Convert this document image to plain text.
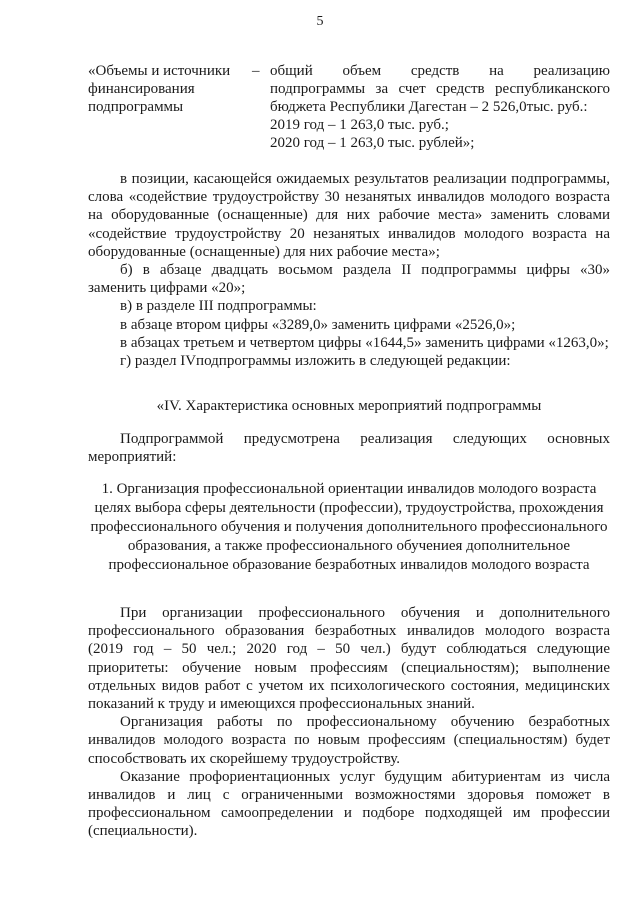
5
«Объемы и источники финансирования подпрограммы
– общий объем средств на реализацию
подпрограммы за счет средств республиканского
бюджета Республики Дагестан – 2 526,0тыс. руб.:
2019 год – 1 263,0 тыс. руб.;
2020 год – 1 263,0 тыс. рублей»;

в позиции, касающейся ожидаемых результатов реализации подпрограммы, слова «содействие трудоустройству 30 незанятых инвалидов молодого возраста на оборудованные (оснащенные) для них рабочие места» заменить словами «содействие трудоустройству 20 незанятых инвалидов молодого возраста на оборудованные (оснащенные) для них рабочие места»;

б) в абзаце двадцать восьмом раздела II подпрограммы цифры «30» заменить цифрами «20»;

в) в разделе III подпрограммы:

в абзаце втором цифры «3289,0» заменить цифрами «2526,0»;

в абзацах третьем и четвертом цифры «1644,5» заменить цифрами «1263,0»;

г) раздел IVподпрограммы изложить в следующей редакции:

«IV. Характеристика основных мероприятий подпрограммы

Подпрограммой предусмотрена реализация следующих основных мероприятий:

1. Организация профессиональной ориентации инвалидов молодого возраста целях выбора сферы деятельности (профессии), трудоустройства, прохождения профессионального обучения и получения дополнительного профессионального образования, а также профессионального обучениея дополнительное профессиональное образование безработных инвалидов молодого возраста

При организации профессионального обучения и дополнительного профессионального образования безработных инвалидов молодого возраста (2019 год – 50 чел.; 2020 год – 50 чел.) будут соблюдаться следующие приоритеты: обучение новым профессиям (специальностям); выполнение отдельных видов работ с учетом их психологического состояния, медицинских показаний к труду и имеющихся профессиональных знаний.

Организация работы по профессиональному обучению безработных инвалидов молодого возраста по новым профессиям (специальностям) будет способствовать их скорейшему трудоустройству.

Оказание профориентационных услуг будущим абитуриентам из числа инвалидов и лиц с ограниченными возможностями здоровья поможет в профессиональном самоопределении и подборе подходящей им профессии (специальности).
